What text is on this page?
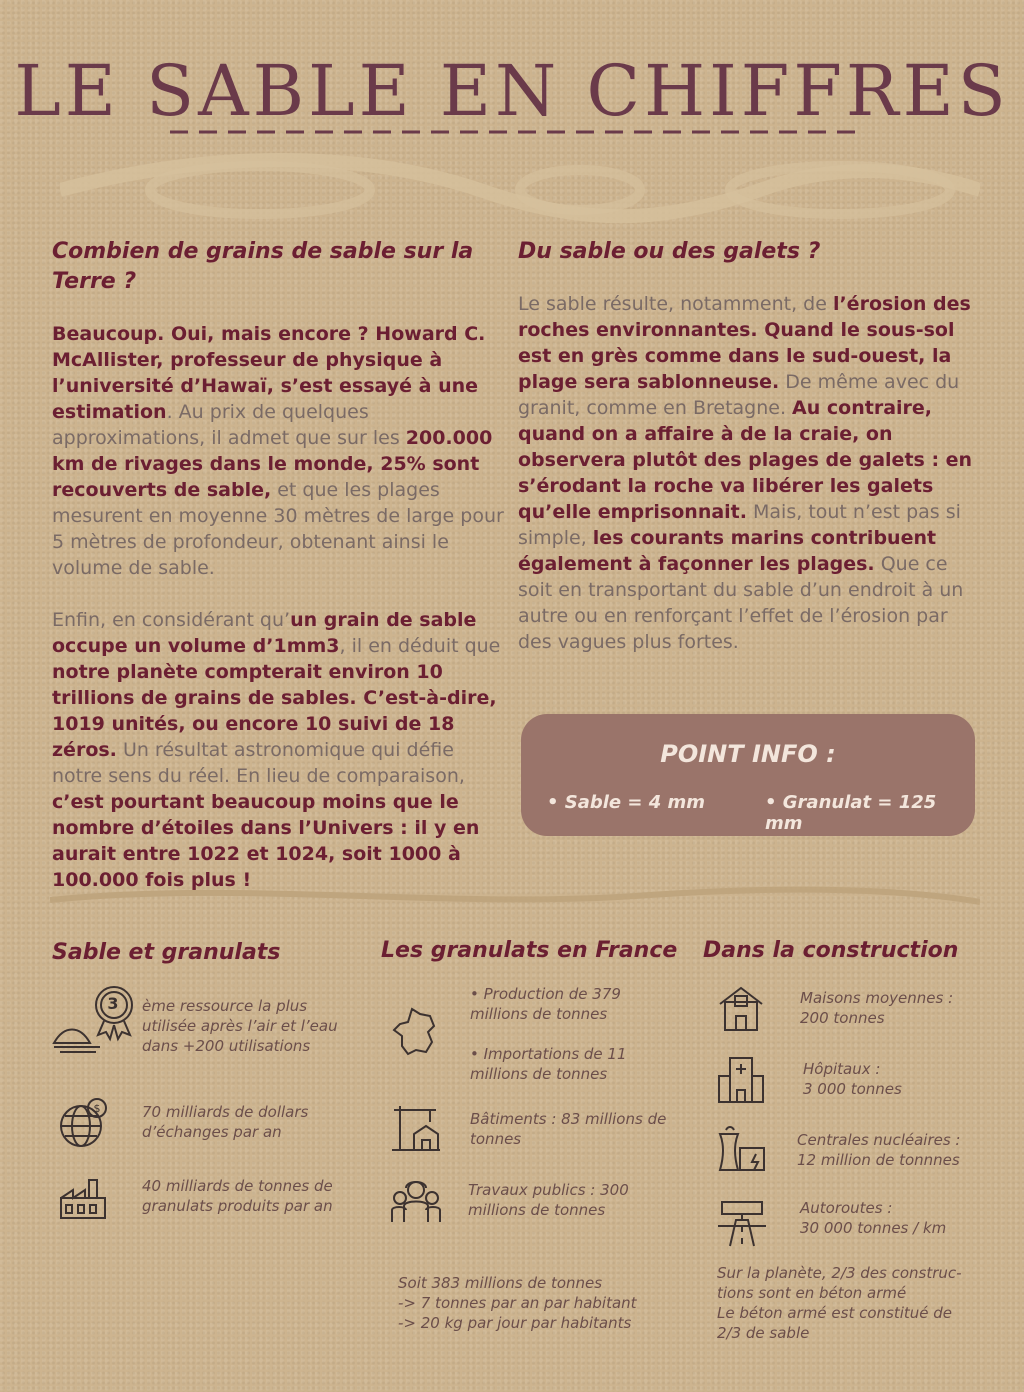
LE SABLE EN CHIFFRES
Combien de grains de sable sur la Terre ?
Beaucoup. Oui, mais encore ? Howard C. McAllister, professeur de physique à l’université d’Hawaï, s’est essayé à une estimation. Au prix de quelques approximations, il admet que sur les 200.000 km de rivages dans le monde, 25% sont recouverts de sable, et que les plages mesurent en moyenne 30 mètres de large pour 5 mètres de profondeur, obtenant ainsi le volume de sable.
Enfin, en considérant qu’un grain de sable occupe un volume d’1mm3, il en déduit que notre planète compterait environ 10 trillions de grains de sables. C’est-à-dire, 1019 unités, ou encore 10 suivi de 18 zéros. Un résultat astronomique qui défie notre sens du réel. En lieu de comparaison, c’est pourtant beaucoup moins que le nombre d’étoiles dans l’Univers : il y en aurait entre 1022 et 1024, soit 1000 à 100.000 fois plus !
Du sable ou des galets ?
Le sable résulte, notamment, de l’érosion des roches environnantes. Quand le sous-sol est en grès comme dans le sud-ouest, la plage sera sablonneuse. De même avec du granit, comme en Bretagne. Au contraire, quand on a affaire à de la craie, on observera plutôt des plages de galets : en s’érodant la roche va libérer les galets qu’elle emprisonnait. Mais, tout n’est pas si simple, les courants marins contribuent également à façonner les plages. Que ce soit en transportant du sable d’un endroit à un autre ou en renforçant l’effet de l’érosion par des vagues plus fortes.
POINT INFO :
• Sable = 4 mm	• Granulat = 125 mm
Sable et granulats
3	ème ressource la plus utilisée après l’air et l’eau dans +200 utilisations
$	70 milliards de dollars d’échanges par an
40 milliards de tonnes de granulats produits par an
Les granulats en France
• Production de 379 millions de tonnes
• Importations de 11 millions de tonnes
Bâtiments : 83 millions de tonnes
Travaux publics : 300 millions de tonnes
Soit 383 millions de tonnes
-> 7 tonnes par an par habitant
-> 20 kg par jour par habitants
Dans la construction
Maisons moyennes :
200 tonnes
Hôpitaux :
3 000 tonnes
Centrales nucléaires :
12 million de tonnnes
Autoroutes :
30 000 tonnes / km
Sur la planète, 2/3 des construc-
tions sont en béton armé
Le béton armé est constitué de
2/3 de sable
